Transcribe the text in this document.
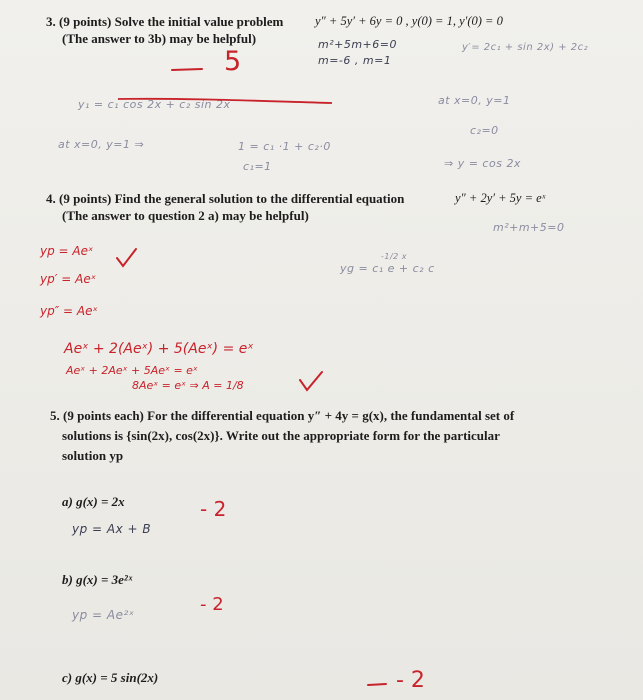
3. (9 points) Solve the initial value problem	y″ + 5y′ + 6y = 0 , y(0) = 1, y′(0) = 0
(The answer to 3b) may be helpful)	m²+5m+6=0
m=-6 , m=1
y′= 2c₁ + sin 2x) + 2c₂
5
y₁ = c₁ cos 2x + c₂ sin 2x	at x=0, y=1
c₂=0
at x=0, y=1 ⇒	1 = c₁ ·1 + c₂·0
c₁=1	⇒ y = cos 2x
4. (9 points) Find the general solution to the differential equation	y″ + 2y′ + 5y = eˣ
(The answer to question 2 a) may be helpful)
m²+m+5=0
yp = Aeˣ
yp′ = Aeˣ
yp″ = Aeˣ
yg = c₁ e + c₂ c
-1/2 x
Aeˣ + 2(Aeˣ) + 5(Aeˣ) = eˣ
Aeˣ + 2Aeˣ + 5Aeˣ = eˣ
8Aeˣ = eˣ ⇒ A = 1/8
5. (9 points each) For the differential equation y″ + 4y = g(x), the fundamental set of
solutions is {sin(2x), cos(2x)}. Write out the appropriate form for the particular
solution yp
a) g(x) = 2x
yp = Ax + B
- 2
b) g(x) = 3e²ˣ
yp = Ae²ˣ	- 2
c) g(x) = 5 sin(2x)	- 2
